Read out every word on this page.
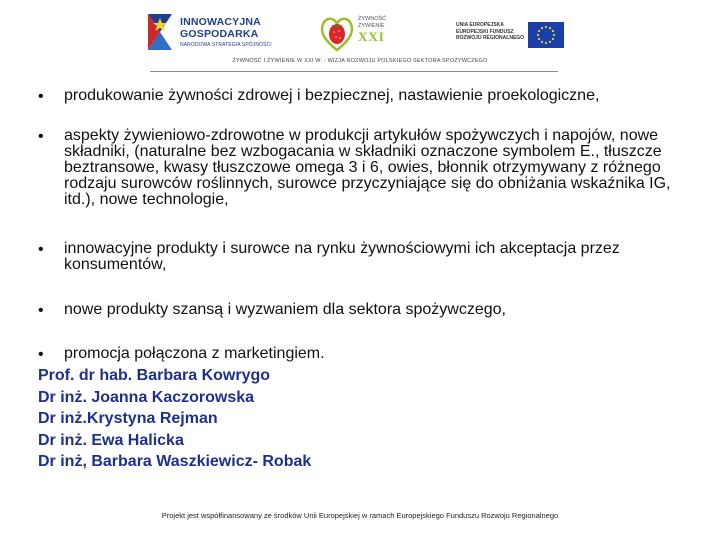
INNOWACYJNA
GOSPODARKA
NARODOWA STRATEGIA SPÓJNOŚCI
ŻYWNOŚĆ
ŻYWIENIE
XXI
UNIA EUROPEJSKA
EUROPEJSKI FUNDUSZ
ROZWOJU REGIONALNEGO
ŻYWNOŚĆ I ŻYWIENIE W XXI W. - WIZJA ROZWOJU POLSKIEGO SEKTORA SPOŻYWCZEGO
• produkowanie żywności zdrowej i bezpiecznej, nastawienie proekologiczne,
• aspekty żywieniowo-zdrowotne w produkcji artykułów spożywczych i napojów, nowe składniki, (naturalne bez wzbogacania w składniki oznaczone symbolem E., tłuszcze beztransowe, kwasy tłuszczowe omega 3 i 6, owies, błonnik otrzymywany z różnego rodzaju surowców roślinnych, surowce przyczyniające się do obniżania wskaźnika IG, itd.), nowe technologie,
• innowacyjne produkty i surowce na rynku żywnościowymi ich akceptacja przez konsumentów,
• nowe produkty szansą i wyzwaniem dla sektora spożywczego,
• promocja połączona z marketingiem.
Prof. dr hab. Barbara Kowrygo
Dr inż. Joanna Kaczorowska
Dr inż.Krystyna Rejman
Dr inż. Ewa Halicka
Dr inż, Barbara Waszkiewicz- Robak
Projekt jest współfinansowany ze środków Unii Europejskiej w ramach Europejskiego Funduszu Rozwoju Regionalnego
